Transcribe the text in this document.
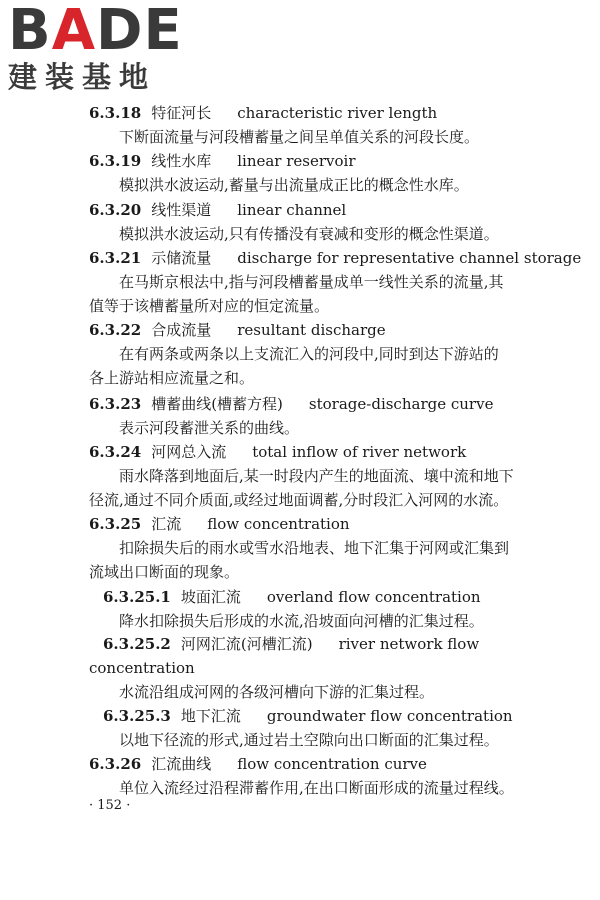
BADE
建装基地
6.3.18 特征河长 characteristic river length
下断面流量与河段槽蓄量之间呈单值关系的河段长度。
6.3.19 线性水库 linear reservoir
模拟洪水波运动,蓄量与出流量成正比的概念性水库。
6.3.20 线性渠道 linear channel
模拟洪水波运动,只有传播没有衰减和变形的概念性渠道。
6.3.21 示储流量 discharge for representative channel storage
在马斯京根法中,指与河段槽蓄量成单一线性关系的流量,其
值等于该槽蓄量所对应的恒定流量。
6.3.22 合成流量 resultant discharge
在有两条或两条以上支流汇入的河段中,同时到达下游站的
各上游站相应流量之和。
6.3.23 槽蓄曲线(槽蓄方程) storage-discharge curve
表示河段蓄泄关系的曲线。
6.3.24 河网总入流 total inflow of river network
雨水降落到地面后,某一时段内产生的地面流、壤中流和地下
径流,通过不同介质面,或经过地面调蓄,分时段汇入河网的水流。
6.3.25 汇流 flow concentration
扣除损失后的雨水或雪水沿地表、地下汇集于河网或汇集到
流域出口断面的现象。
6.3.25.1 坡面汇流 overland flow concentration
降水扣除损失后形成的水流,沿坡面向河槽的汇集过程。
6.3.25.2 河网汇流(河槽汇流) river network flow
concentration
水流沿组成河网的各级河槽向下游的汇集过程。
6.3.25.3 地下汇流 groundwater flow concentration
以地下径流的形式,通过岩土空隙向出口断面的汇集过程。
6.3.26 汇流曲线 flow concentration curve
单位入流经过沿程滞蓄作用,在出口断面形成的流量过程线。
· 152 ·
